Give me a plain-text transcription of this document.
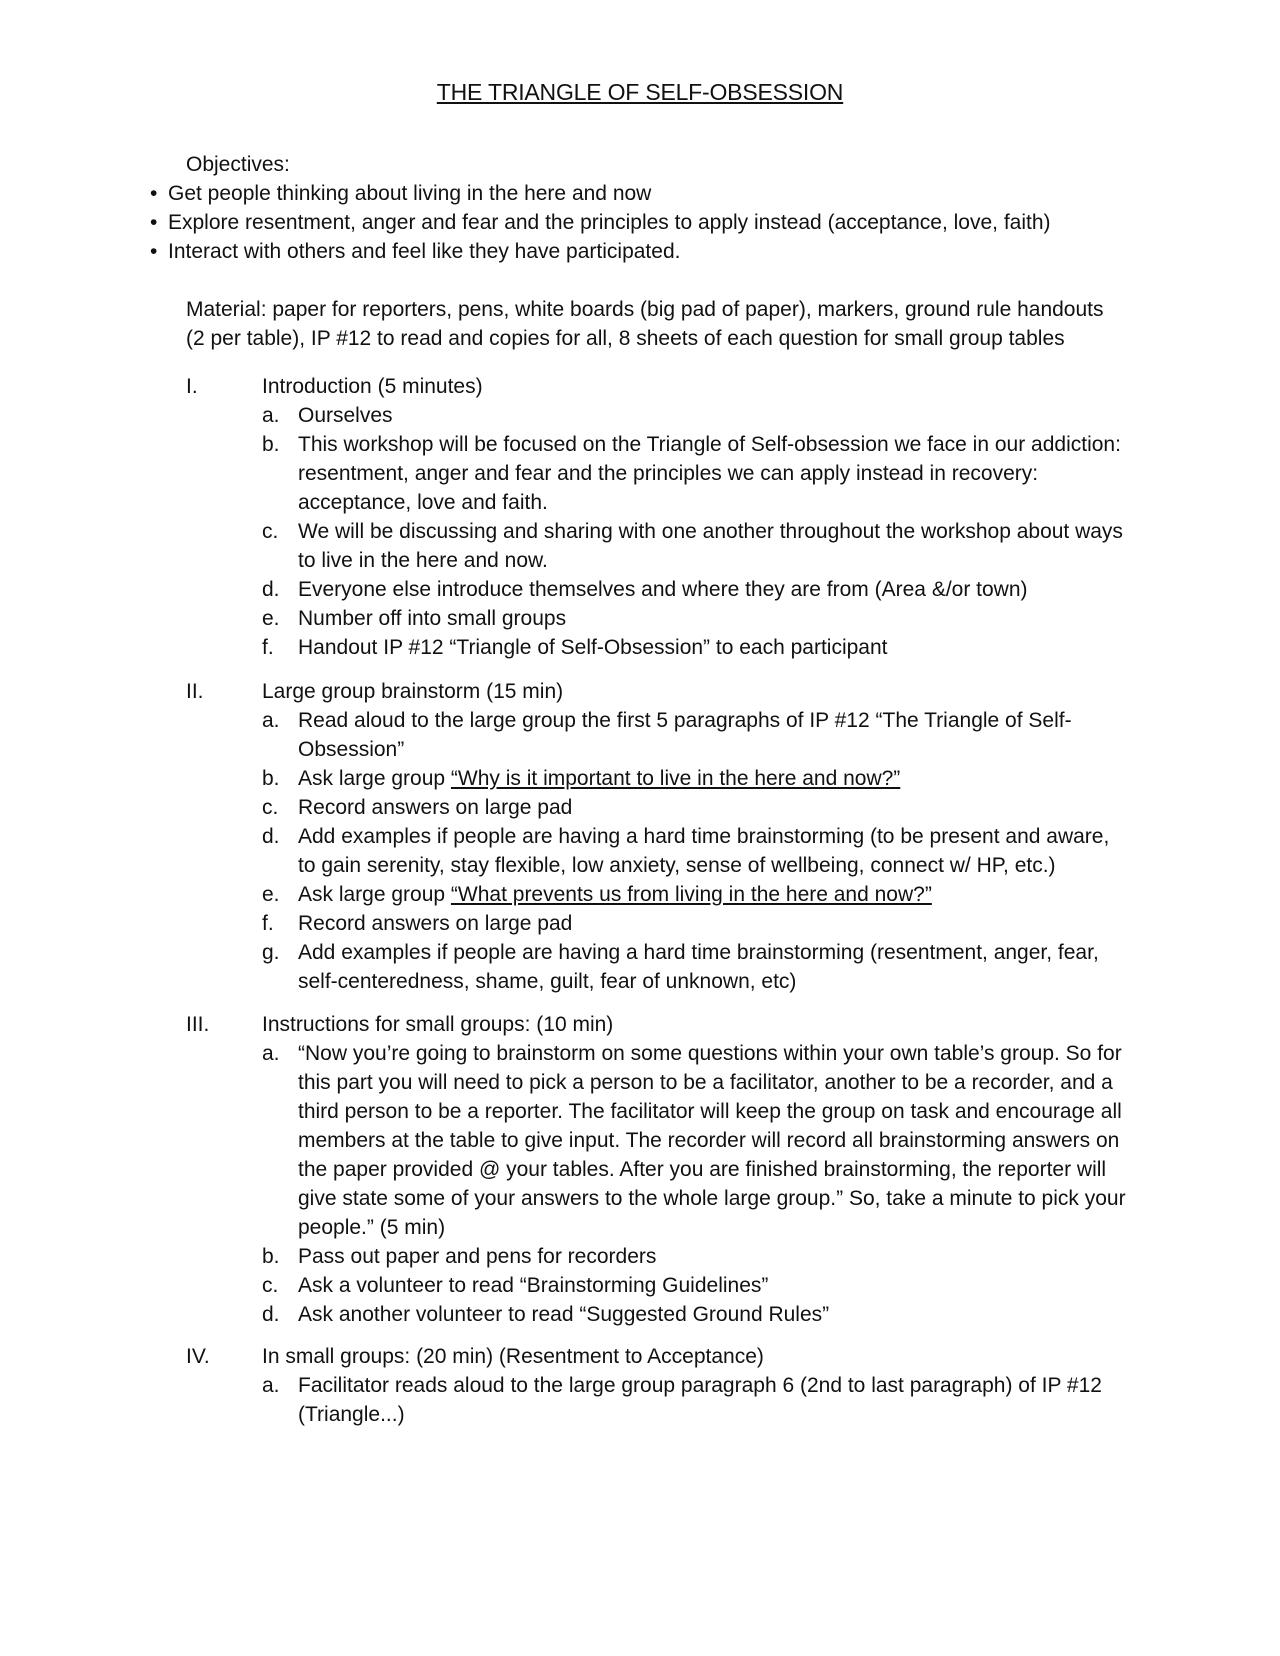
THE TRIANGLE OF SELF-OBSESSION
Objectives:
• Get people thinking about living in the here and now
• Explore resentment, anger and fear and the principles to apply instead (acceptance, love, faith)
• Interact with others and feel like they have participated.
Material: paper for reporters, pens, white boards (big pad of paper), markers, ground rule handouts (2 per table), IP #12 to read and copies for all, 8 sheets of each question for small group tables
I.	Introduction (5 minutes)
a. Ourselves
b. This workshop will be focused on the Triangle of Self-obsession we face in our addiction: resentment, anger and fear and the principles we can apply instead in recovery: acceptance, love and faith.
c. We will be discussing and sharing with one another throughout the workshop about ways to live in the here and now.
d. Everyone else introduce themselves and where they are from (Area &/or town)
e. Number off into small groups
f. Handout IP #12 “Triangle of Self-Obsession” to each participant
II.	Large group brainstorm (15 min)
a. Read aloud to the large group the first 5 paragraphs of IP #12 “The Triangle of Self-Obsession”
b. Ask large group “Why is it important to live in the here and now?”
c. Record answers on large pad
d. Add examples if people are having a hard time brainstorming (to be present and aware, to gain serenity, stay flexible, low anxiety, sense of wellbeing, connect w/ HP, etc.)
e. Ask large group “What prevents us from living in the here and now?”
f. Record answers on large pad
g. Add examples if people are having a hard time brainstorming (resentment, anger, fear, self-centeredness, shame, guilt, fear of unknown, etc)
III.	Instructions for small groups: (10 min)
a. “Now you’re going to brainstorm on some questions within your own table’s group. So for this part you will need to pick a person to be a facilitator, another to be a recorder, and a third person to be a reporter. The facilitator will keep the group on task and encourage all members at the table to give input. The recorder will record all brainstorming answers on the paper provided @ your tables. After you are finished brainstorming, the reporter will give state some of your answers to the whole large group.” So, take a minute to pick your people.” (5 min)
b. Pass out paper and pens for recorders
c. Ask a volunteer to read “Brainstorming Guidelines”
d. Ask another volunteer to read “Suggested Ground Rules”
IV. In small groups: (20 min) (Resentment to Acceptance)
a. Facilitator reads aloud to the large group paragraph 6 (2nd to last paragraph) of IP #12 (Triangle...)
